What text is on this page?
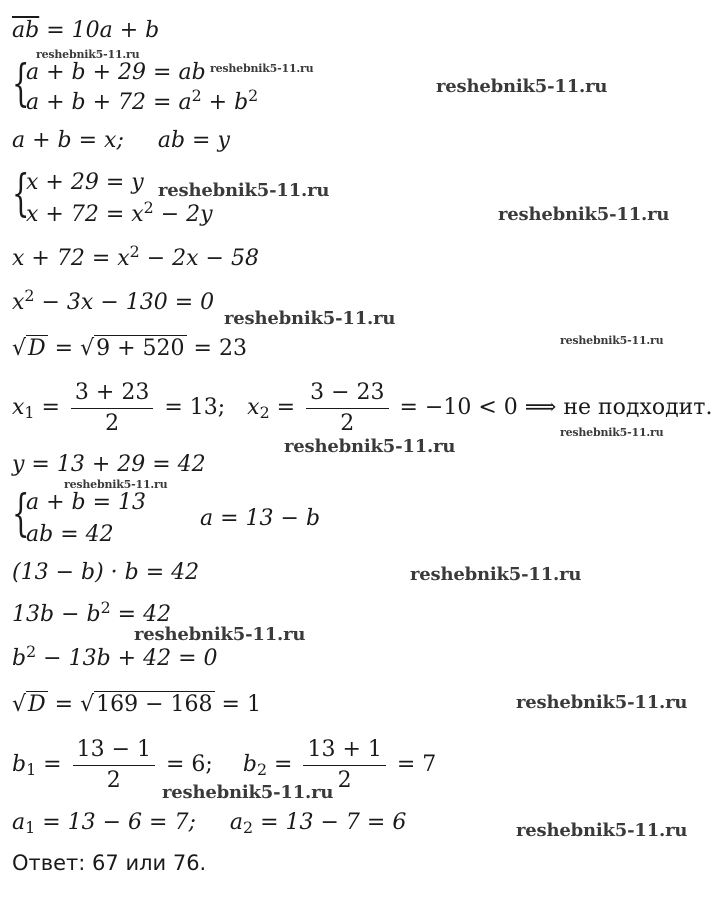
$\overline{ab} = 10a + b$
{
a + b + 29 = ab
$a + b + 72 = a^2 + b^2$
a + b = x; ab = y
{
x + 29 = y
$x + 72 = x^2 - 2y$
$x + 72 = x^2 - 2x - 58$
$x^2 - 3x - 130 = 0$
√D = √9 + 520 = 23
$x_1 = \frac{3 + 23}{2} = 13$; $x_2 = \frac{3 - 23}{2} = -10 < 0$ ⟹ не подходит.
y = 13 + 29 = 42
{
a + b = 13
ab = 42
a = 13 − b
(13 − b) · b = 42
$13b - b^2 = 42$
$b^2 - 13b + 42 = 0$
√D = √169 − 168 = 1
$b_1 = \frac{13 - 1}{2} = 6$; $b_2 = \frac{13 + 1}{2} = 7$
$a_1 = 13 - 6 = 7$; $a_2 = 13 - 7 = 6$
Ответ: 67 или 76.
reshebnik5-11.ru
reshebnik5-11.ru
reshebnik5-11.ru
reshebnik5-11.ru
reshebnik5-11.ru
reshebnik5-11.ru
reshebnik5-11.ru
reshebnik5-11.ru
reshebnik5-11.ru
reshebnik5-11.ru
reshebnik5-11.ru
reshebnik5-11.ru
reshebnik5-11.ru
reshebnik5-11.ru
reshebnik5-11.ru
